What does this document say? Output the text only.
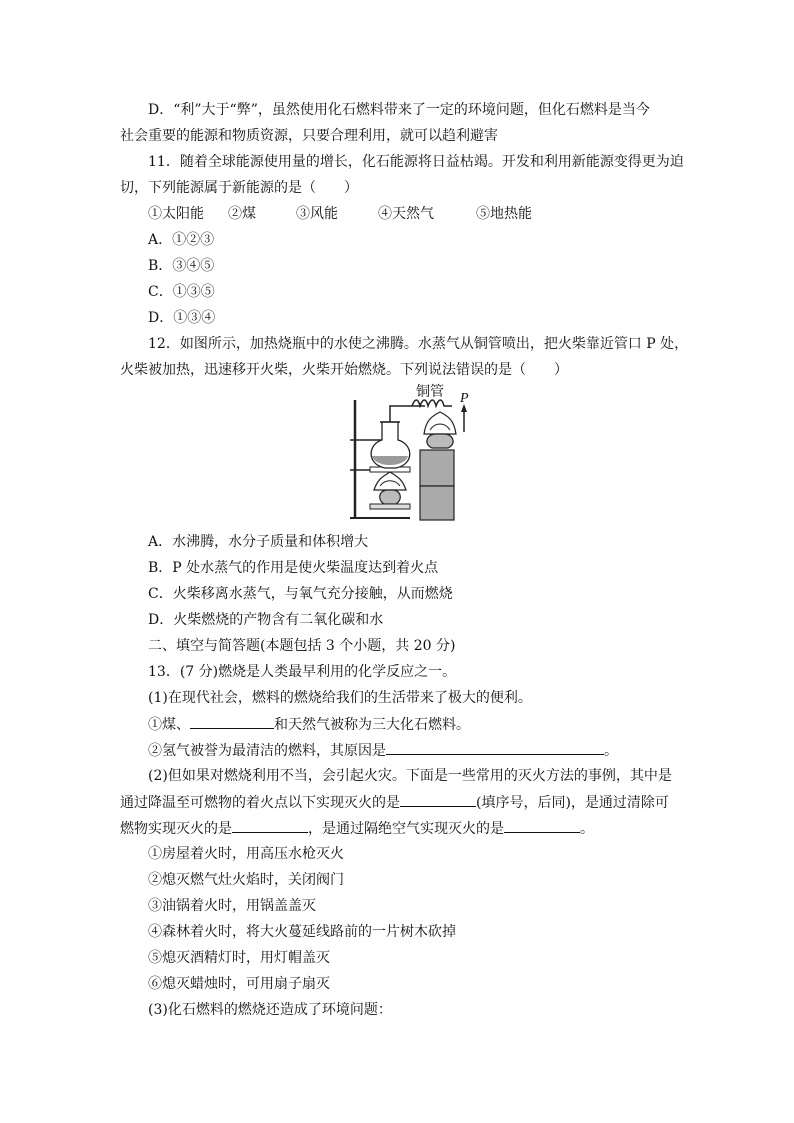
D．“利”大于“弊”，虽然使用化石燃料带来了一定的环境问题，但化石燃料是当今
社会重要的能源和物质资源，只要合理利用，就可以趋利避害
11．随着全球能源使用量的增长，化石能源将日益枯竭。开发和利用新能源变得更为迫
切，下列能源属于新能源的是（　　）
①太阳能 ②煤	③风能	④天然气	⑤地热能
A．①②③
B．③④⑤
C．①③⑤
D．①③④
12．如图所示，加热烧瓶中的水使之沸腾。水蒸气从铜管喷出，把火柴靠近管口 P 处，
火柴被加热，迅速移开火柴，火柴开始燃烧。下列说法错误的是（　　）
铜管 P
A．水沸腾，水分子质量和体积增大
B．P 处水蒸气的作用是使火柴温度达到着火点
C．火柴移离水蒸气，与氧气充分接触，从而燃烧
D．火柴燃烧的产物含有二氧化碳和水
二、填空与简答题(本题包括 3 个小题，共 20 分)
13．(7 分)燃烧是人类最早利用的化学反应之一。
(1)在现代社会，燃料的燃烧给我们的生活带来了极大的便利。
①煤、	和天然气被称为三大化石燃料。
②氢气被誉为最清洁的燃料，其原因是	。
(2)但如果对燃烧利用不当，会引起火灾。下面是一些常用的灭火方法的事例，其中是
通过降温至可燃物的着火点以下实现灭火的是	(填序号，后同)，是通过清除可
燃物实现灭火的是	，是通过隔绝空气实现灭火的是	。
①房屋着火时，用高压水枪灭火
②熄灭燃气灶火焰时，关闭阀门
③油锅着火时，用锅盖盖灭
④森林着火时，将大火蔓延线路前的一片树木砍掉
⑤熄灭酒精灯时，用灯帽盖灭
⑥熄灭蜡烛时，可用扇子扇灭
(3)化石燃料的燃烧还造成了环境问题：
